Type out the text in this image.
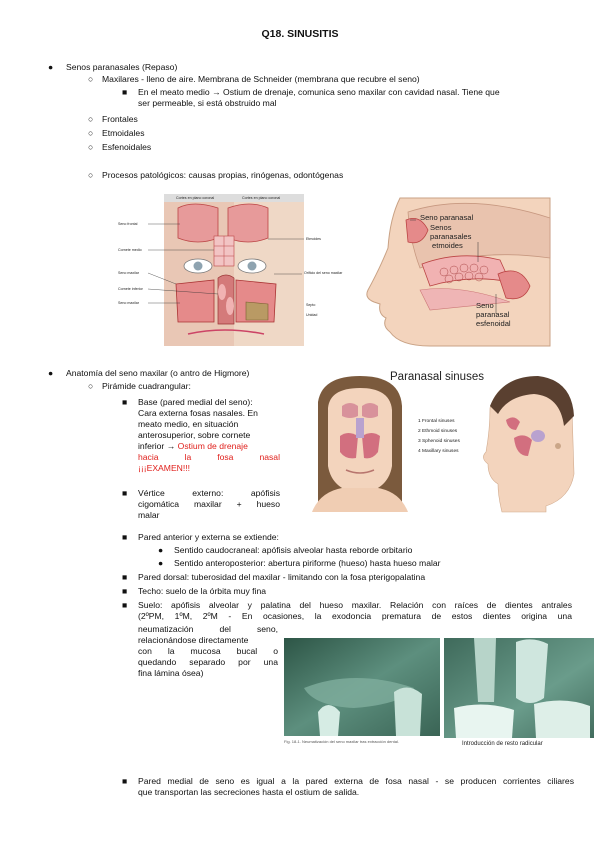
Q18. SINUSITIS
● Senos paranasales (Repaso)
○ Maxilares - lleno de aire. Membrana de Schneider (membrana que recubre el seno)
■ En el meato medio → Ostium de drenaje, comunica seno maxilar con cavidad nasal. Tiene que
ser permeable, si está obstruido mal
○ Frontales
○ Etmoidales
○ Esfenoidales
○ Procesos patológicos: causas propias, rinógenas, odontógenas
Cortes en plano coronal	Cortes en plano coronal
Seno frontal
Cornete medio
Seno maxilar
Cornete inferior
Seno maxilar
Etmoides
Orificio del seno maxilar
Septo
Unidad
Seno paranasal
Senos
paranasales
etmoides
Seno
paranasal
esfenoidal
● Anatomía del seno maxilar (o antro de Higmore)
○ Pirámide cuadrangular:
■ Base (pared medial del seno):
Cara externa fosas nasales. En
meato medio, en situación
anterosuperior, sobre cornete
inferior → Ostium de drenaje
hacia la fosa nasal
¡¡¡EXAMEN!!!
■ Vértice externo: apófisis
cigomática maxilar + hueso
malar
■ Pared anterior y externa se extiende:
● Sentido caudocraneal: apófisis alveolar hasta reborde orbitario
● Sentido anteroposterior: abertura piriforme (hueso) hasta hueso malar
■ Pared dorsal: tuberosidad del maxilar - limitando con la fosa pterigopalatina
■ Techo: suelo de la órbita muy fina
■ Suelo: apófisis alveolar y palatina del hueso maxilar. Relación con raíces de dientes antrales
(2ºPM, 1ºM, 2ºM - En ocasiones, la exodoncia prematura de estos dientes origina una
neumatización del seno,
relacionándose directamente
con la mucosa bucal o
quedando separado por una
fina lámina ósea)
Paranasal sinuses
1 Frontal sinuses
2 Ethmoid sinuses
3 Sphenoid sinuses
4 Maxillary sinuses
Fig. 18-1. Neumatización del seno maxilar tras extracción dental.	Introducción de resto radicular
■ Pared medial de seno es igual a la pared externa de fosa nasal - se producen corrientes ciliares
que transportan las secreciones hasta el ostium de salida.
